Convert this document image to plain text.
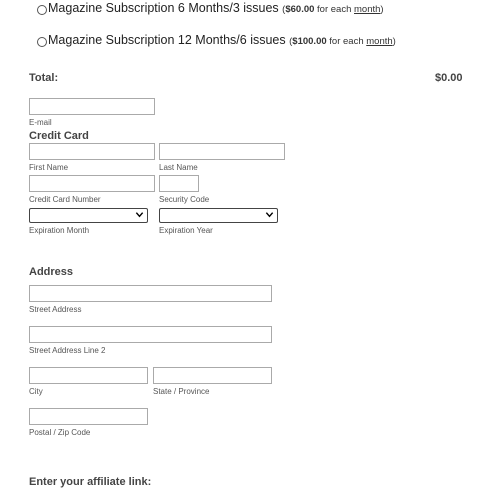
Magazine Subscription 6 Months/3 issues ($60.00 for each month)
Magazine Subscription 12 Months/6 issues ($100.00 for each month)
Total:	$0.00
E-mail
Credit Card
First Name	Last Name
Credit Card Number	Security Code
Expiration Month	Expiration Year
Address
Street Address
Street Address Line 2
City	State / Province
Postal / Zip Code
Enter your affiliate link:
